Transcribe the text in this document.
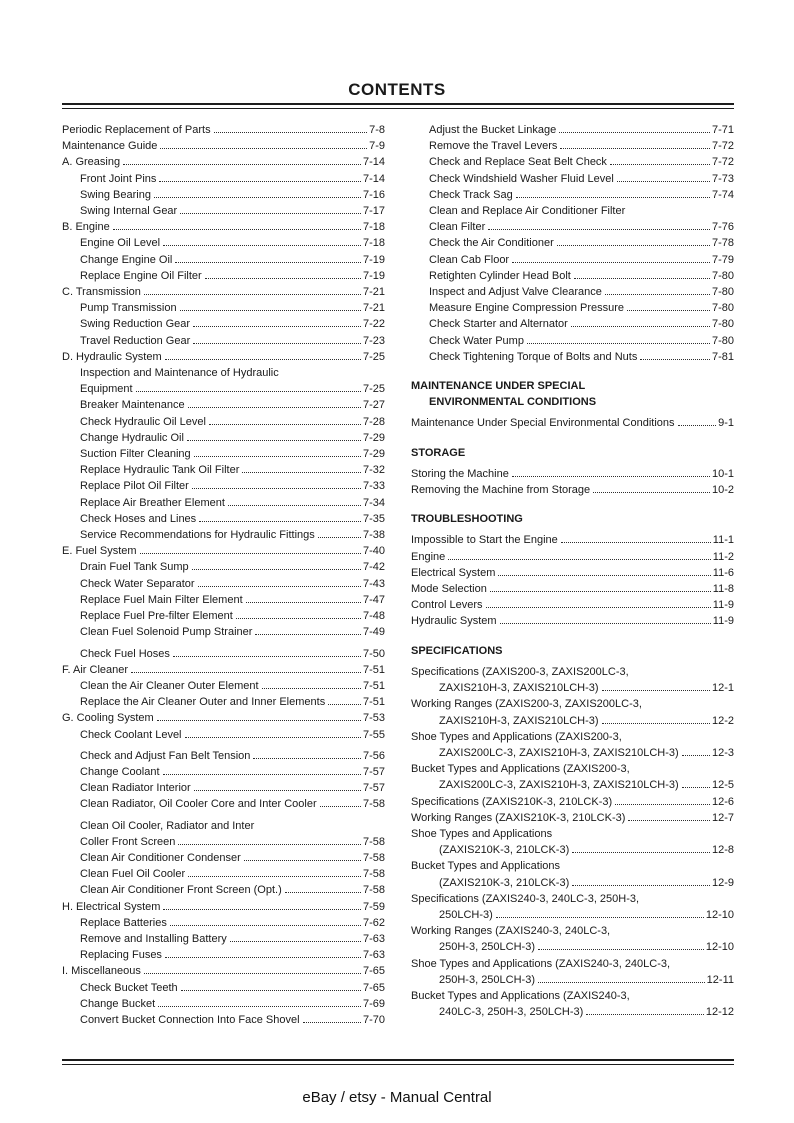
CONTENTS
Periodic Replacement of Parts	7-8
Maintenance Guide	7-9
A. Greasing	7-14
Front Joint Pins	7-14
Swing Bearing	7-16
Swing Internal Gear	7-17
B. Engine	7-18
Engine Oil Level	7-18
Change Engine Oil	7-19
Replace Engine Oil Filter	7-19
C. Transmission	7-21
Pump Transmission	7-21
Swing Reduction Gear	7-22
Travel Reduction Gear	7-23
D. Hydraulic System	7-25
Inspection and Maintenance of Hydraulic
Equipment	7-25
Breaker Maintenance	7-27
Check Hydraulic Oil Level	7-28
Change Hydraulic Oil	7-29
Suction Filter Cleaning	7-29
Replace Hydraulic Tank Oil Filter	7-32
Replace Pilot Oil Filter	7-33
Replace Air Breather Element	7-34
Check Hoses and Lines	7-35
Service Recommendations for Hydraulic Fittings	7-38
E. Fuel System	7-40
Drain Fuel Tank Sump	7-42
Check Water Separator	7-43
Replace Fuel Main Filter Element	7-47
Replace Fuel Pre-filter Element	7-48
Clean Fuel Solenoid Pump Strainer	7-49
Check Fuel Hoses	7-50
F. Air Cleaner	7-51
Clean the Air Cleaner Outer Element	7-51
Replace the Air Cleaner Outer and Inner Elements	7-51
G. Cooling System	7-53
Check Coolant Level	7-55
Check and Adjust Fan Belt Tension	7-56
Change Coolant	7-57
Clean Radiator Interior	7-57
Clean Radiator, Oil Cooler Core and Inter Cooler	7-58
Clean Oil Cooler, Radiator and Inter
Coller Front Screen	7-58
Clean Air Conditioner Condenser	7-58
Clean Fuel Oil Cooler	7-58
Clean Air Conditioner Front Screen (Opt.)	7-58
H. Electrical System	7-59
Replace Batteries	7-62
Remove and Installing Battery	7-63
Replacing Fuses	7-63
I. Miscellaneous	7-65
Check Bucket Teeth	7-65
Change Bucket	7-69
Convert Bucket Connection Into Face Shovel	7-70
Adjust the Bucket Linkage	7-71
Remove the Travel Levers	7-72
Check and Replace Seat Belt Check	7-72
Check Windshield Washer Fluid Level	7-73
Check Track Sag	7-74
Clean and Replace Air Conditioner Filter
Clean Filter	7-76
Check the Air Conditioner	7-78
Clean Cab Floor	7-79
Retighten Cylinder Head Bolt	7-80
Inspect and Adjust Valve Clearance	7-80
Measure Engine Compression Pressure	7-80
Check Starter and Alternator	7-80
Check Water Pump	7-80
Check Tightening Torque of Bolts and Nuts	7-81
MAINTENANCE UNDER SPECIAL
ENVIRONMENTAL CONDITIONS
Maintenance Under Special Environmental Conditions	9-1
STORAGE
Storing the Machine	10-1
Removing the Machine from Storage	10-2
TROUBLESHOOTING
Impossible to Start the Engine	11-1
Engine	11-2
Electrical System	11-6
Mode Selection	11-8
Control Levers	11-9
Hydraulic System	11-9
SPECIFICATIONS
Specifications (ZAXIS200-3, ZAXIS200LC-3,
ZAXIS210H-3, ZAXIS210LCH-3)	12-1
Working Ranges (ZAXIS200-3, ZAXIS200LC-3,
ZAXIS210H-3, ZAXIS210LCH-3)	12-2
Shoe Types and Applications (ZAXIS200-3,
ZAXIS200LC-3, ZAXIS210H-3, ZAXIS210LCH-3)	12-3
Bucket Types and Applications (ZAXIS200-3,
ZAXIS200LC-3, ZAXIS210H-3, ZAXIS210LCH-3)	12-5
Specifications (ZAXIS210K-3, 210LCK-3)	12-6
Working Ranges (ZAXIS210K-3, 210LCK-3)	12-7
Shoe Types and Applications
(ZAXIS210K-3, 210LCK-3)	12-8
Bucket Types and Applications
(ZAXIS210K-3, 210LCK-3)	12-9
Specifications (ZAXIS240-3, 240LC-3, 250H-3,
250LCH-3)	12-10
Working Ranges (ZAXIS240-3, 240LC-3,
250H-3, 250LCH-3)	12-10
Shoe Types and Applications (ZAXIS240-3, 240LC-3,
250H-3, 250LCH-3)	12-11
Bucket Types and Applications (ZAXIS240-3,
240LC-3, 250H-3, 250LCH-3)	12-12
eBay / etsy - Manual Central
